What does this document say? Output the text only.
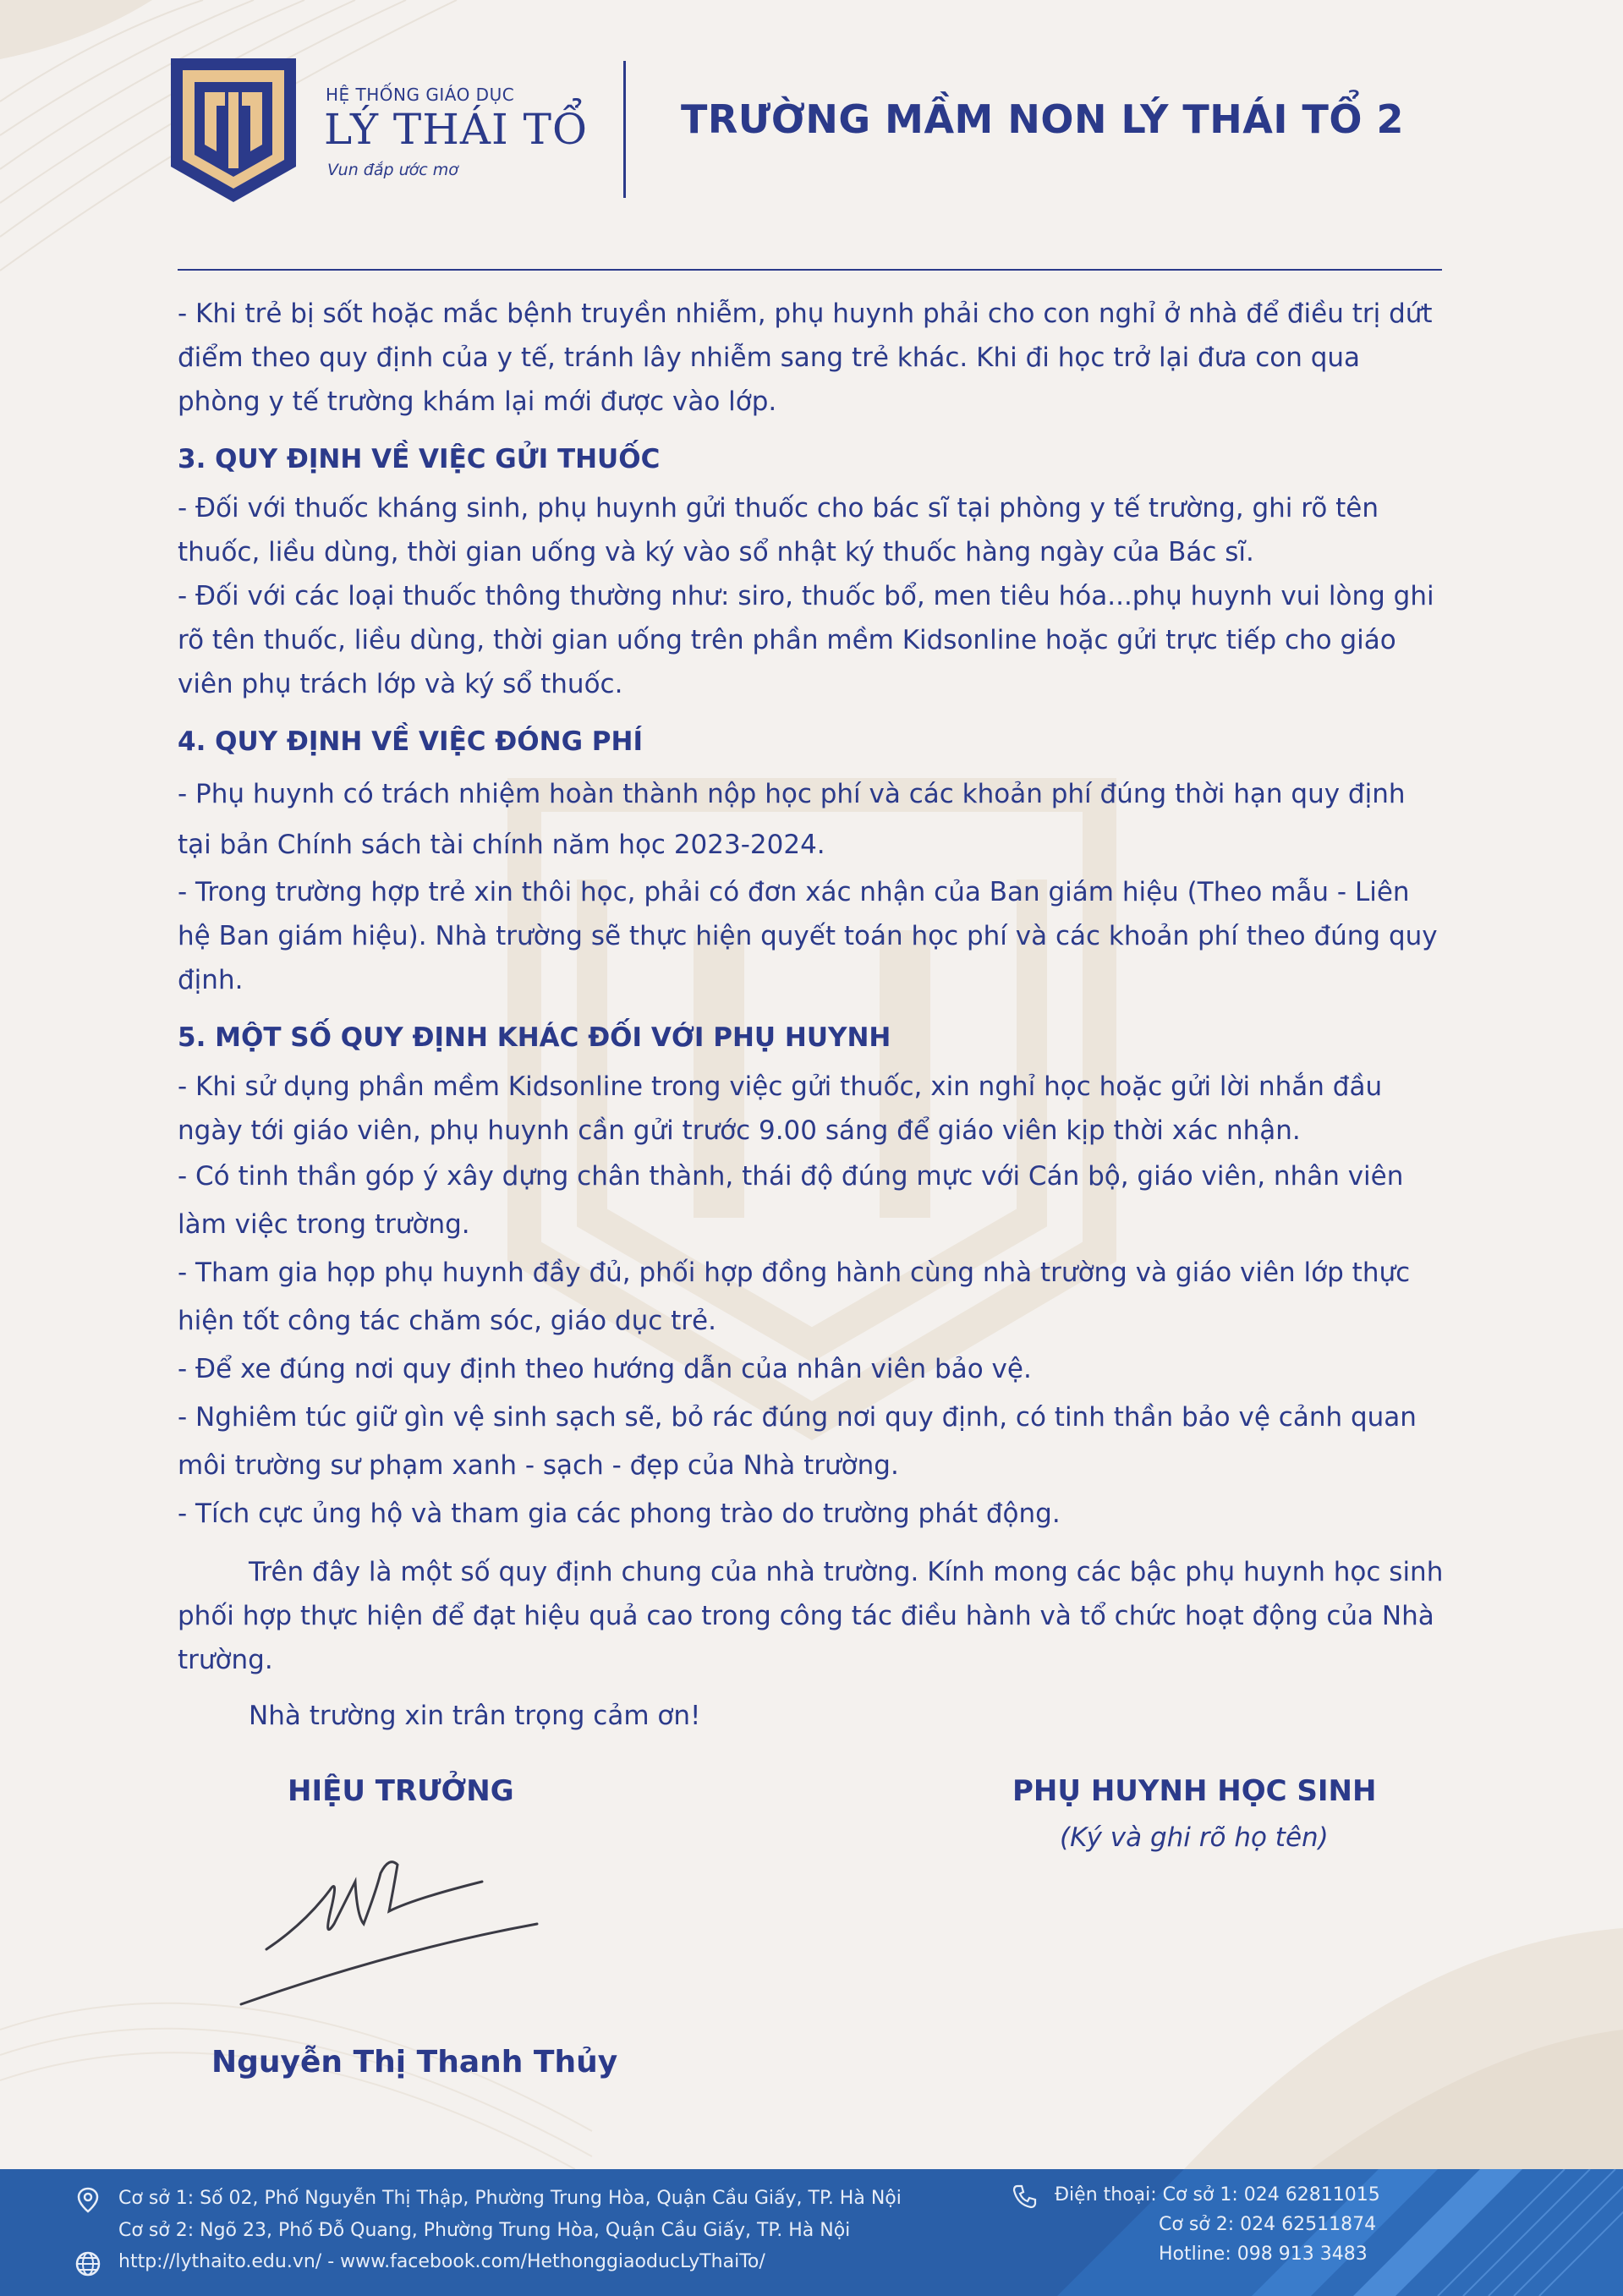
HỆ THỐNG GIÁO DỤC
LÝ THÁI TỔ
Vun đắp ước mơ
TRƯỜNG MẦM NON LÝ THÁI TỔ 2

- Khi trẻ bị sốt hoặc mắc bệnh truyền nhiễm, phụ huynh phải cho con nghỉ ở nhà để điều trị dứt điểm theo quy định của y tế, tránh lây nhiễm sang trẻ khác. Khi đi học trở lại đưa con qua phòng y tế trường khám lại mới được vào lớp.

3. QUY ĐỊNH VỀ VIỆC GỬI THUỐC

- Đối với thuốc kháng sinh, phụ huynh gửi thuốc cho bác sĩ tại phòng y tế trường, ghi rõ tên thuốc, liều dùng, thời gian uống và ký vào sổ nhật ký thuốc hàng ngày của Bác sĩ.

- Đối với các loại thuốc thông thường như: siro, thuốc bổ, men tiêu hóa...phụ huynh vui lòng ghi rõ tên thuốc, liều dùng, thời gian uống trên phần mềm Kidsonline hoặc gửi trực tiếp cho giáo viên phụ trách lớp và ký sổ thuốc.

4. QUY ĐỊNH VỀ VIỆC ĐÓNG PHÍ

- Phụ huynh có trách nhiệm hoàn thành nộp học phí và các khoản phí đúng thời hạn quy định tại bản Chính sách tài chính năm học 2023-2024.

- Trong trường hợp trẻ xin thôi học, phải có đơn xác nhận của Ban giám hiệu (Theo mẫu - Liên hệ Ban giám hiệu). Nhà trường sẽ thực hiện quyết toán học phí và các khoản phí theo đúng quy định.

5. MỘT SỐ QUY ĐỊNH KHÁC ĐỐI VỚI PHỤ HUYNH

- Khi sử dụng phần mềm Kidsonline trong việc gửi thuốc, xin nghỉ học hoặc gửi lời nhắn đầu ngày tới giáo viên, phụ huynh cần gửi trước 9.00 sáng để giáo viên kịp thời xác nhận.

- Có tinh thần góp ý xây dựng chân thành, thái độ đúng mực với Cán bộ, giáo viên, nhân viên làm việc trong trường.

- Tham gia họp phụ huynh đầy đủ, phối hợp đồng hành cùng nhà trường và giáo viên lớp thực hiện tốt công tác chăm sóc, giáo dục trẻ.

- Để xe đúng nơi quy định theo hướng dẫn của nhân viên bảo vệ.

- Nghiêm túc giữ gìn vệ sinh sạch sẽ, bỏ rác đúng nơi quy định, có tinh thần bảo vệ cảnh quan môi trường sư phạm xanh - sạch - đẹp của Nhà trường.

- Tích cực ủng hộ và tham gia các phong trào do trường phát động.

Trên đây là một số quy định chung của nhà trường. Kính mong các bậc phụ huynh học sinh phối hợp thực hiện để đạt hiệu quả cao trong công tác điều hành và tổ chức hoạt động của Nhà trường.

Nhà trường xin trân trọng cảm ơn!

HIỆU TRƯỞNG	PHỤ HUYNH HỌC SINH
(Ký và ghi rõ họ tên)
Nguyễn Thị Thanh Thủy
Cơ sở 1: Số 02, Phố Nguyễn Thị Thập, Phường Trung Hòa, Quận Cầu Giấy, TP. Hà Nội
Cơ sở 2: Ngõ 23, Phố Đỗ Quang, Phường Trung Hòa, Quận Cầu Giấy, TP. Hà Nội
http://lythaito.edu.vn/ - www.facebook.com/HethonggiaoducLyThaiTo/
Điện thoại: Cơ sở 1: 024 62811015
Cơ sở 2: 024 62511874
Hotline: 098 913 3483
